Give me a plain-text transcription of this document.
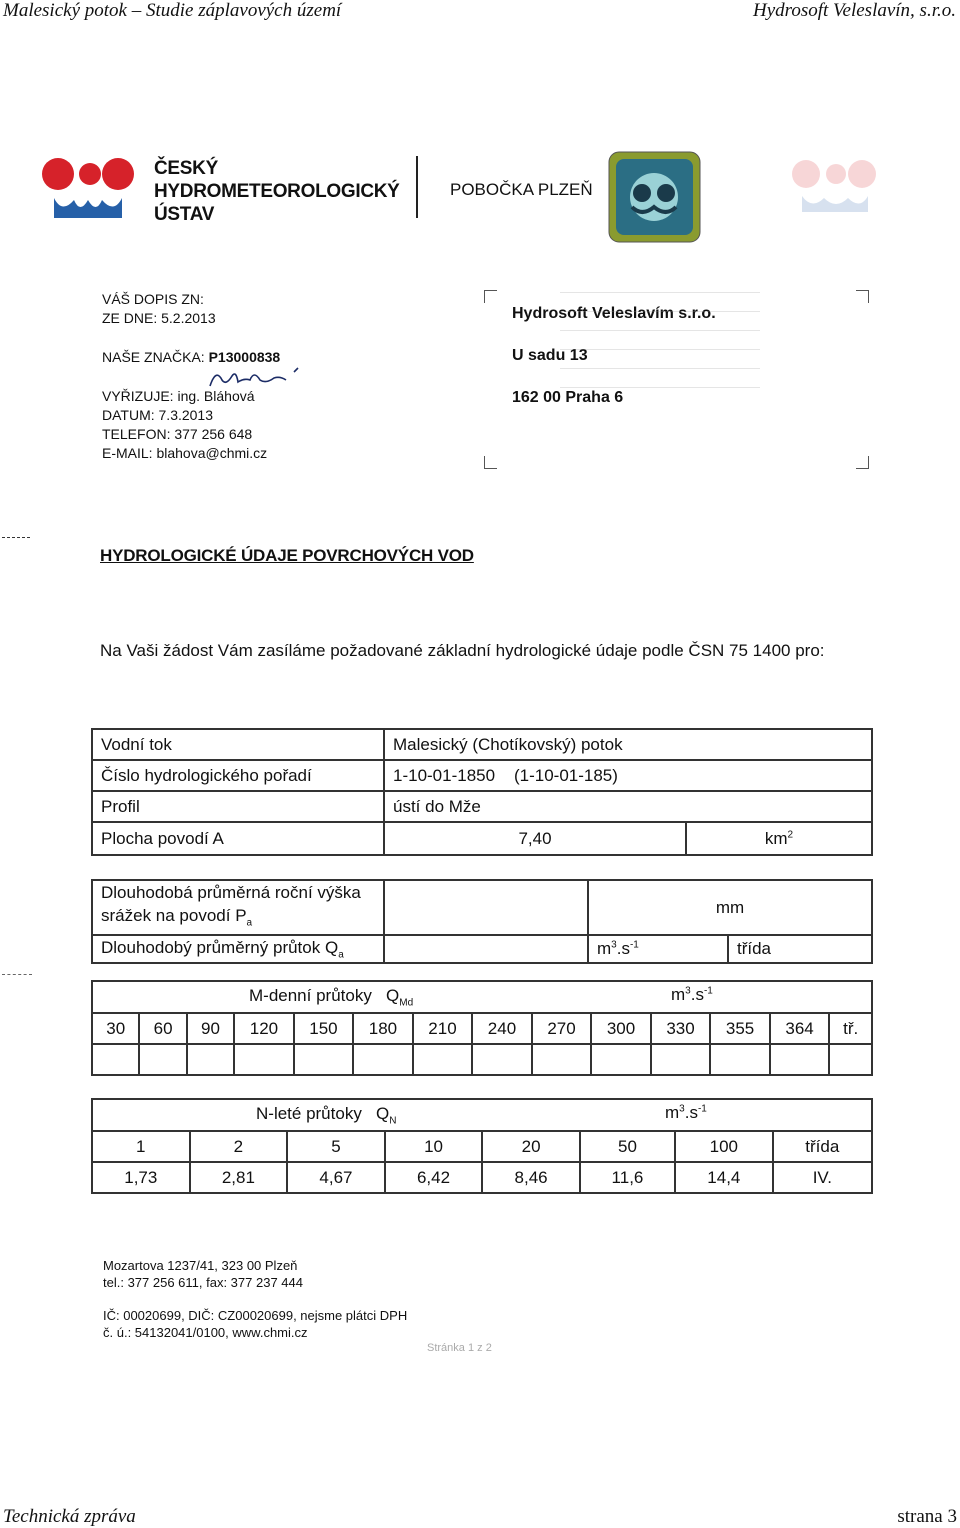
Malesický potok – Studie záplavových území	Hydrosoft Veleslavín, s.r.o.
ČESKÝ
HYDROMETEOROLOGICKÝ
ÚSTAV
POBOČKA PLZEŇ
VÁŠ DOPIS ZN:
ZE DNE: 5.2.2013
NAŠE ZNAČKA: P13000838
VYŘIZUJE: ing. Bláhová
DATUM: 7.3.2013
TELEFON: 377 256 648
E-MAIL: blahova@chmi.cz
Hydrosoft Veleslavím s.r.o.
U sadu 13
162 00 Praha 6
HYDROLOGICKÉ ÚDAJE POVRCHOVÝCH VOD
Na Vaši žádost Vám zasíláme požadované základní hydrologické údaje podle ČSN 75 1400 pro:
Vodní tok	Malesický (Chotíkovský) potok	
Číslo hydrologického pořadí	1-10-01-1850    (1-10-01-185)	
Profil	ústí do Mže	
Plocha povodí A	7,40	$km^2$
Dlouhodobá průměrná roční výška srážek na povodí $P_a$		mm	
Dlouhodobý průměrný průtok $Q_a$		$m^3.s^{-1}$	třída
M-denní průtoky $Q_{Md}$ $m^3.s^{-1}$

30	60	90	120	150	180	210	240	270	300	330	355	364	tř.

N-leté průtoky $Q_N$ $m^3.s^{-1}$

1	2	5	10	20	50	100	třída
1,73	2,81	4,67	6,42	8,46	11,6	14,4	IV.
Mozartova 1237/41, 323 00 Plzeň
tel.: 377 256 611, fax: 377 237 444
IČ: 00020699, DIČ: CZ00020699, nejsme plátci DPH
č. ú.: 54132041/0100, www.chmi.cz
Stránka 1 z 2
Technická zpráva	strana 3
